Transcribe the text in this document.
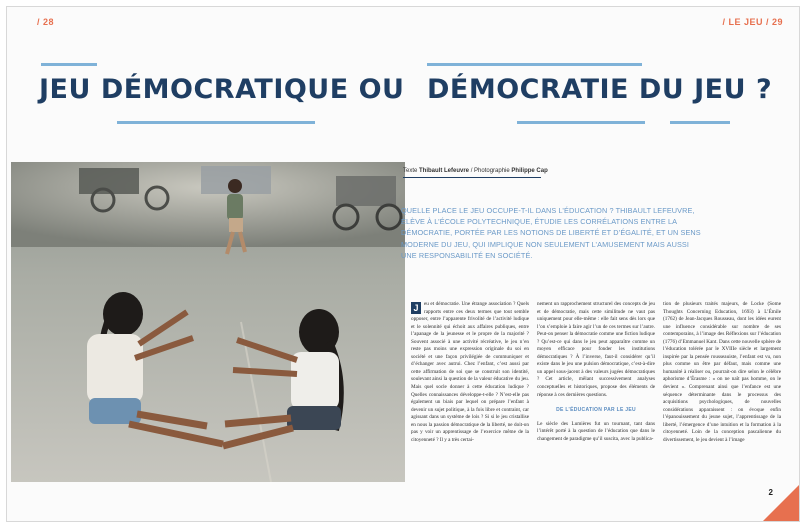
/ 28	/ LE JEU / 29
JEU DÉMOCRATIQUE OU DÉMOCRATIE DU JEU ?
Texte Thibault Lefeuvre / Photographie Philippe Cap
QUELLE PLACE LE JEU OCCUPE-T-IL DANS L’ÉDUCATION ? THIBAULT LEFEUVRE, ÉLÈVE À L’ÉCOLE POLYTECHNIQUE, ÉTUDIE LES CORRÉLATIONS ENTRE LA DÉMOCRATIE, PORTÉE PAR LES NOTIONS DE LIBERTÉ ET D’ÉGALITÉ, ET UN SENS MODERNE DU JEU, QUI IMPLIQUE NON SEULEMENT L’AMUSEMENT MAIS AUSSI UNE RESPONSABILITÉ EN SOCIÉTÉ.

J	eu et démocratie. Une étrange association ? Quels rapports entre ces deux termes que tout semble opposer, entre l’apparente frivolité de l’activité ludique et le solennité qui échoit aux affaires publiques, entre l’apanage de la jeunesse et le propre de la majorité ? Souvent associé à une activité récréative, le jeu n’en reste pas moins une expression originale du soi en société et une façon privilégiée de communiquer et d’échanger avec autrui. Chez l’enfant, c’est aussi par cette affirmation de soi que se construit son identité, soulevant ainsi la question de la valeur éducative du jeu. Mais quel socle donner à cette éducation ludique ? Quelles connaissances développe-t-elle ? N’est-elle pas également un biais par lequel on prépare l’enfant à devenir un sujet politique, à la fois libre et contraint, car agissant dans un système de lois ? Si si le jeu cristallise en nous la passion démocratique de la liberté, ne doit-on pas y voir un apprentissage de l’exercice même de la citoyenneté ? Il y a très certai-

nement un rapprochement structurel des concepts de jeu et de démocratie, mais cette similitude ne vaut pas uniquement pour elle-même : elle fait sens dès lors que l’on s’emploie à faire agir l’un de ces termes sur l’autre. Peut-on penser la démocratie comme une fiction ludique ? Qu’est-ce qui dans le jeu peut apparaître comme un moyen efficace pour fonder les institutions démocratiques ? À l’inverse, faut-il considérer qu’il existe dans le jeu une pulsion démocratique, c’est-à-dire un appel sous-jacent à des valeurs jugées démocratiques ? Cet article, mêlant successivement analyses conceptuelles et historiques, propose des éléments de réponse à ces dernières questions.

DE L’ÉDUCATION PAR LE JEU

Le siècle des Lumières fut un tournant, tant dans l’intérêt porté à la question de l’éducation que dans le changement de paradigme qu’il suscita, avec la publica-

tion de plusieurs traités majeurs, de Locke (Some Thoughts Concerning Education, 1693) à L’Émile (1762) de Jean-Jacques Rousseau, dont les idées eurent une influence considérable sur nombre de ses contemporains, à l’image des Réflexions sur l’éducation (1776) d’Emmanuel Kant. Dans cette nouvelle sphère de l’éducation tolérée par le XVIIIe siècle et largement inspirée par la pensée rousseauiste, l’enfant est vu, non plus comme un être par défaut, mais comme une humanité à réaliser ou, pourrait-on dire selon le célèbre aphorisme d’Érasme : « on ne naît pas homme, on le devient ». Comprenant ainsi que l’enfance est une séquence déterminante dans le processus des acquisitions psychologiques, de nouvelles considérations apparaissent : on évoque enfin l’épanouissement du jeune sujet, l’apprentissage de la liberté, l’émergence d’une intuition et la formation à la citoyenneté. Loin de la conception pascalienne du divertissement, le jeu devient à l’image

2
